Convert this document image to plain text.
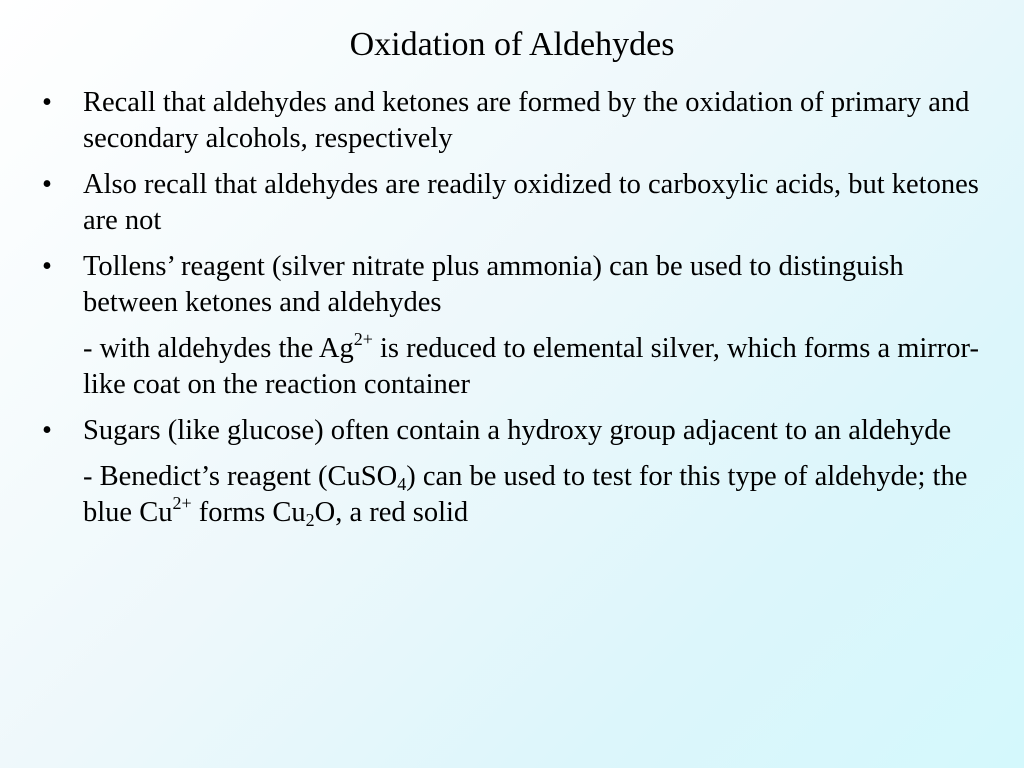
Oxidation of Aldehydes
•	Recall that aldehydes and ketones are formed by the oxidation of primary and secondary alcohols, respectively
•	Also recall that aldehydes are readily oxidized to carboxylic acids, but ketones are not
•	Tollens’ reagent (silver nitrate plus ammonia) can be used to distinguish between ketones and aldehydes
- with aldehydes the $Ag^{2+}$ is reduced to elemental silver, which forms a mirror-like coat on the reaction container
•	Sugars (like glucose) often contain a hydroxy group adjacent to an aldehyde
- Benedict’s reagent (CuSO$_4$) can be used to test for this type of aldehyde; the blue $Cu^{2+}$ forms $Cu_2O$, a red solid
